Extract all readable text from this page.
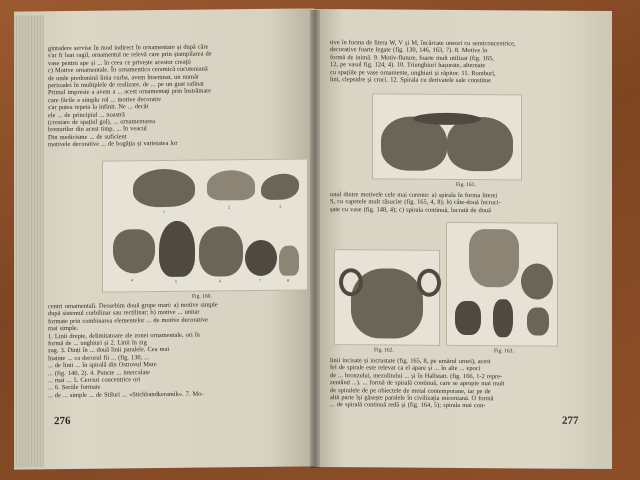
gintadere servise în mod indirect în ornamentare și după căre

s'ar fi luat ragil, ornamentul ne relevă care prin ștampilarea de

vase pentru ape și ... în ceea ce privește acestor creaţii

c) Motive ornamentale. În ornamentica ceramică cucuteniană

de unde predomină linia curba, avem însemnat, un număr

perioadei în multiplele de realizare, de ... pe un gust rafinat

Primul impresie a avem a ... acest ornamentaţi prin înstrămare

care făcile a simplu rol ... motive decorativ

s'ar putea repeta la infinit. Ne ... decât

ele ... de principiul ... noastră

(crestare de spațiul gol), ... ornamentarea

brenurilor din acest timp, ... în veacul

Din medicisme ... de suficient

motivele decorative ... de bogăţia și varietatea lor

1
2	3
4	5	6	7	8
Fig. 160.

centri ornamentali. Deosebim două grupe mari: a) motive simple

după sistemul curbilinar sau rectilinar; b) motive ... unitar

formate prin combinarea elementelor ... de motive decorative

mai simple.

1. Linii drepte, delimitatoare ale zonei ornamentale, ori în

formă de ... unghiuri și 2. Linii în zig

zag. 3. Dinți în ... două linii paralele. Cea mai

înainte ... ca decorul fii ... (fig. 130, ...

... de linii ... în spirală din Ostrovul Mare

... (fig. 140, 2). 4. Puncte ... intercalate

... mai ... 5. Cercuri concentrice ori

... 6. Seriile formate

... de ... simple ... de Stiluri ... «Stichbandkeramik». 7. Mo-

276

tive în forma de litera W, V și M, încărcate uneori cu semiconcentrice,

decorative foarte legate (fig. 130, 146, 163, 7). 8. Motive în

formă de inimă. 9. Motiv-fluture, foarte mult utilizat (fig. 165,

12, pe vasul fig. 124, 4). 10. Triunghiuri hașurate, alternate

cu spațiile pe vase ornamente, unghiuri și răpitor. 11. Romburi,

lini, clepsidre și cruci. 12. Spirala cu derivatele sale constitue

Fig. 161.

unul dintre motivele cele mai curente: a) spirala în forma literei

S, cu capetele mult răsucite (fig. 165, 4, 8); b) câte-două încruci-

șate cu vase (fig. 148, 4); c) spirala continuă, lucrată de două

Fig. 162.	Fig. 163.

linii incisate și incrustate (fig. 165, 8, pe umărul urnei), acest

fel de spirale este relevat ca el apare și ... în alte ... epoci

de ... bronzului, mezolitului ... și în Hallstatt. (fig. 166, 1-2 repre-

zentând ...). ... formă de spirală continuă, care se apropie mai mult

de spiralele de pe obiectele de metal contemporane, iar pe de

altă parte își găsește paralele în civilizația miceniană. O formă

... de spirală continuă redă și (fig. 164, 5); spirala mai con-

277
